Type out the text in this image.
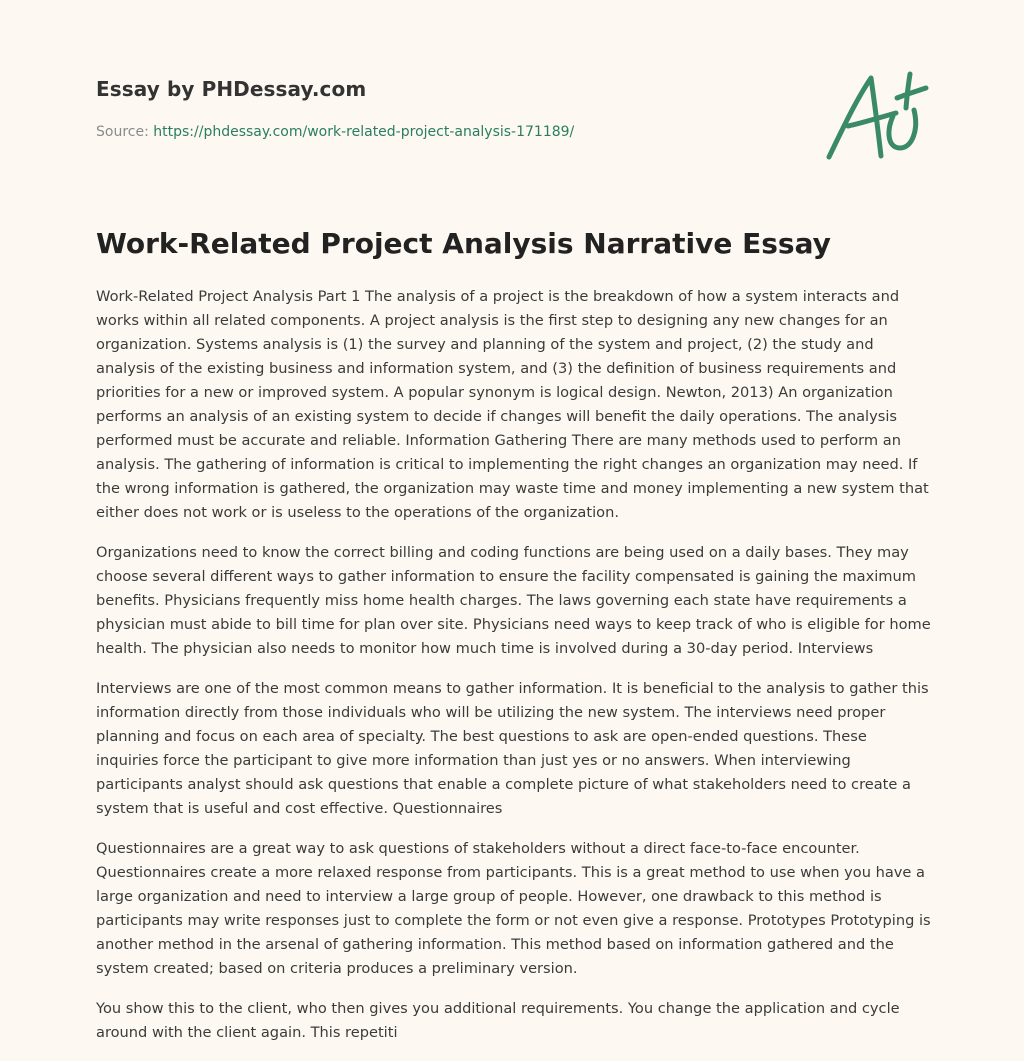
Essay by PHDessay.com
Source: https://phdessay.com/work-related-project-analysis-171189/
Work-Related Project Analysis Narrative Essay

Work-Related Project Analysis Part 1 The analysis of a project is the breakdown of how a system interacts and works within all related components. A project analysis is the first step to designing any new changes for an organization. Systems analysis is (1) the survey and planning of the system and project, (2) the study and analysis of the existing business and information system, and (3) the definition of business requirements and priorities for a new or improved system. A popular synonym is logical design. Newton, 2013) An organization performs an analysis of an existing system to decide if changes will benefit the daily operations. The analysis performed must be accurate and reliable. Information Gathering There are many methods used to perform an analysis. The gathering of information is critical to implementing the right changes an organization may need. If the wrong information is gathered, the organization may waste time and money implementing a new system that either does not work or is useless to the operations of the organization.

Organizations need to know the correct billing and coding functions are being used on a daily bases. They may choose several different ways to gather information to ensure the facility compensated is gaining the maximum benefits. Physicians frequently miss home health charges. The laws governing each state have requirements a physician must abide to bill time for plan over site. Physicians need ways to keep track of who is eligible for home health. The physician also needs to monitor how much time is involved during a 30-day period. Interviews

Interviews are one of the most common means to gather information. It is beneficial to the analysis to gather this information directly from those individuals who will be utilizing the new system. The interviews need proper planning and focus on each area of specialty. The best questions to ask are open-ended questions. These inquiries force the participant to give more information than just yes or no answers. When interviewing participants analyst should ask questions that enable a complete picture of what stakeholders need to create a system that is useful and cost effective. Questionnaires

Questionnaires are a great way to ask questions of stakeholders without a direct face-to-face encounter. Questionnaires create a more relaxed response from participants. This is a great method to use when you have a large organization and need to interview a large group of people. However, one drawback to this method is participants may write responses just to complete the form or not even give a response. Prototypes Prototyping is another method in the arsenal of gathering information. This method based on information gathered and the system created; based on criteria produces a preliminary version.

You show this to the client, who then gives you additional requirements. You change the application and cycle around with the client again. This repetiti
